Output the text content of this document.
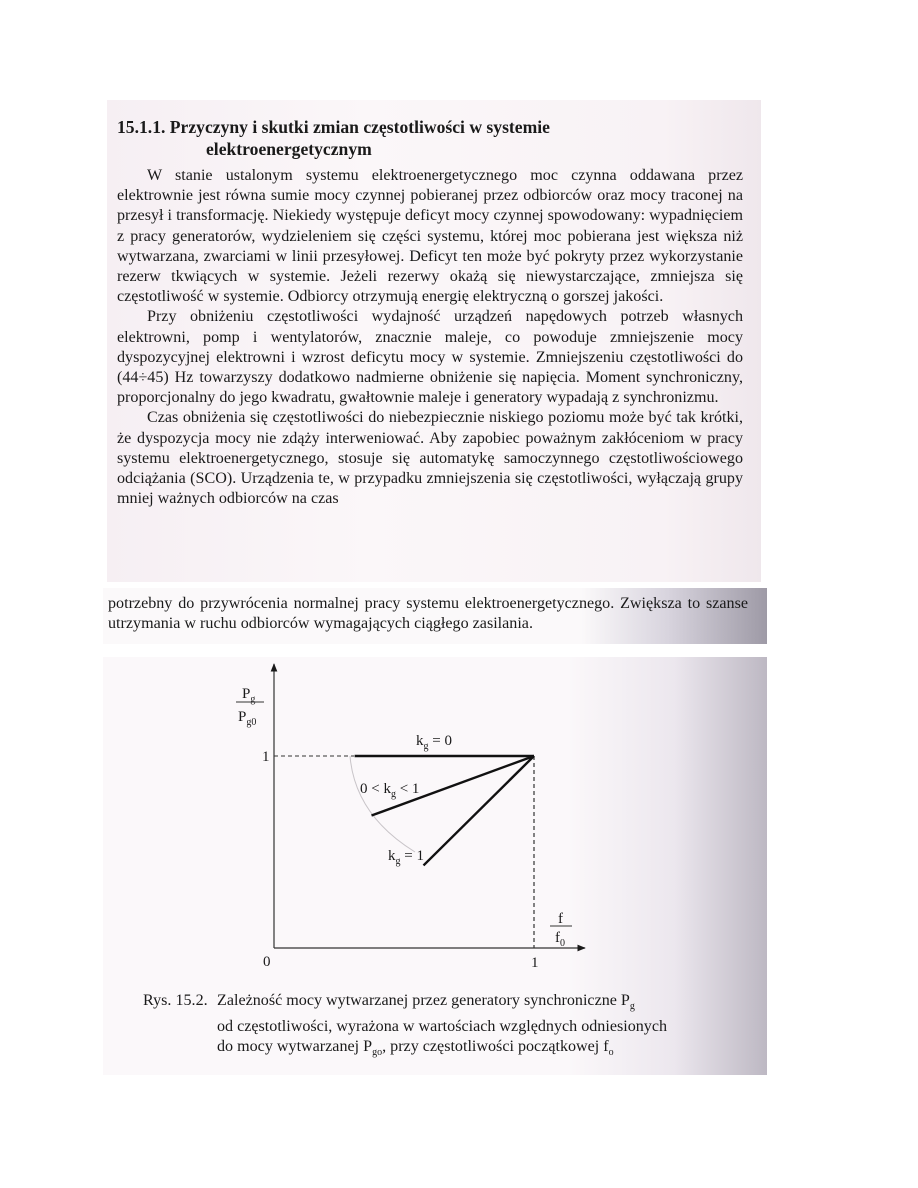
15.1.1. Przyczyny i skutki zmian częstotliwości w systemie
elektroenergetycznym

W stanie ustalonym systemu elektroenergetycznego moc czynna oddawana przez elektrownie jest równa sumie mocy czynnej pobieranej przez odbiorców oraz mocy traconej na przesył i transformację. Niekiedy występuje deficyt mocy czynnej spowodowany: wypadnięciem z pracy generatorów, wydzieleniem się części systemu, której moc pobierana jest większa niż wytwarzana, zwarciami w linii przesyłowej. Deficyt ten może być pokryty przez wykorzystanie rezerw tkwiących w systemie. Jeżeli rezerwy okażą się niewystarczające, zmniejsza się częstotliwość w systemie. Odbiorcy otrzymują energię elektryczną o gorszej jakości.

Przy obniżeniu częstotliwości wydajność urządzeń napędowych potrzeb własnych elektrowni, pomp i wentylatorów, znacznie maleje, co powoduje zmniejszenie mocy dyspozycyjnej elektrowni i wzrost deficytu mocy w systemie. Zmniejszeniu częstotliwości do (44÷45) Hz towarzyszy dodatkowo nadmierne obniżenie się napięcia. Moment synchroniczny, proporcjonalny do jego kwadratu, gwałtownie maleje i generatory wypadają z synchronizmu.

Czas obniżenia się częstotliwości do niebezpiecznie niskiego poziomu może być tak krótki, że dyspozycja mocy nie zdąży interweniować. Aby zapobiec poważnym zakłóceniom w pracy systemu elektroenergetycznego, stosuje się automatykę samoczynnego częstotliwościowego odciążania (SCO). Urządzenia te, w przypadku zmniejszenia się częstotliwości, wyłączają grupy mniej ważnych odbiorców na czas

potrzebny do przywrócenia normalnej pracy systemu elektroenergetycznego. Zwiększa to szanse utrzymania w ruchu odbiorców wymagających ciągłego zasilania.

$P_g$
$P_{g0}$
f
$f_0$
0	1
1
$k_g = 0$
$0 < k_g < 1$
$k_g = 1$
Rys. 15.2. Zależność mocy wytwarzanej przez generatory synchroniczne $P_g$
od częstotliwości, wyrażona w wartościach względnych odniesionych
do mocy wytwarzanej $P_{go}$, przy częstotliwości początkowej $f_o$
